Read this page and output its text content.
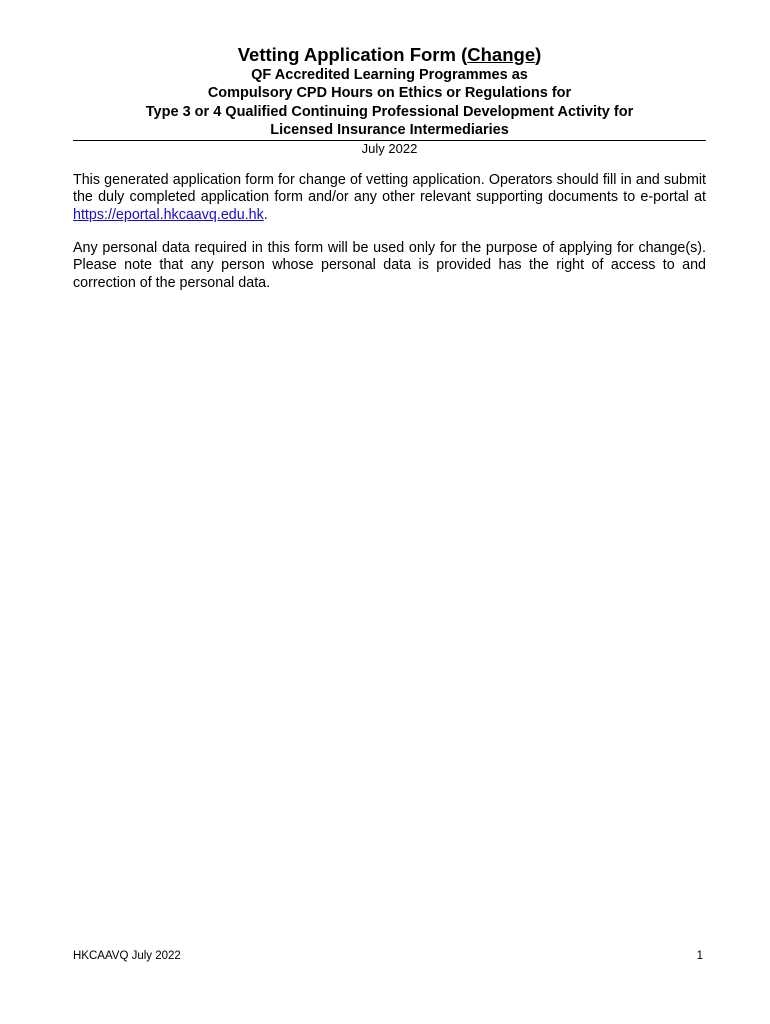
Vetting Application Form (Change)

QF Accredited Learning Programmes as

Compulsory CPD Hours on Ethics or Regulations for

Type 3 or 4 Qualified Continuing Professional Development Activity for

Licensed Insurance Intermediaries

July 2022

This generated application form for change of vetting application. Operators should fill in and submit the duly completed application form and/or any other relevant supporting documents to e-portal at https://eportal.hkcaavq.edu.hk.

Any personal data required in this form will be used only for the purpose of applying for change(s). Please note that any person whose personal data is provided has the right of access to and correction of the personal data.

HKCAAVQ July 2022	1
